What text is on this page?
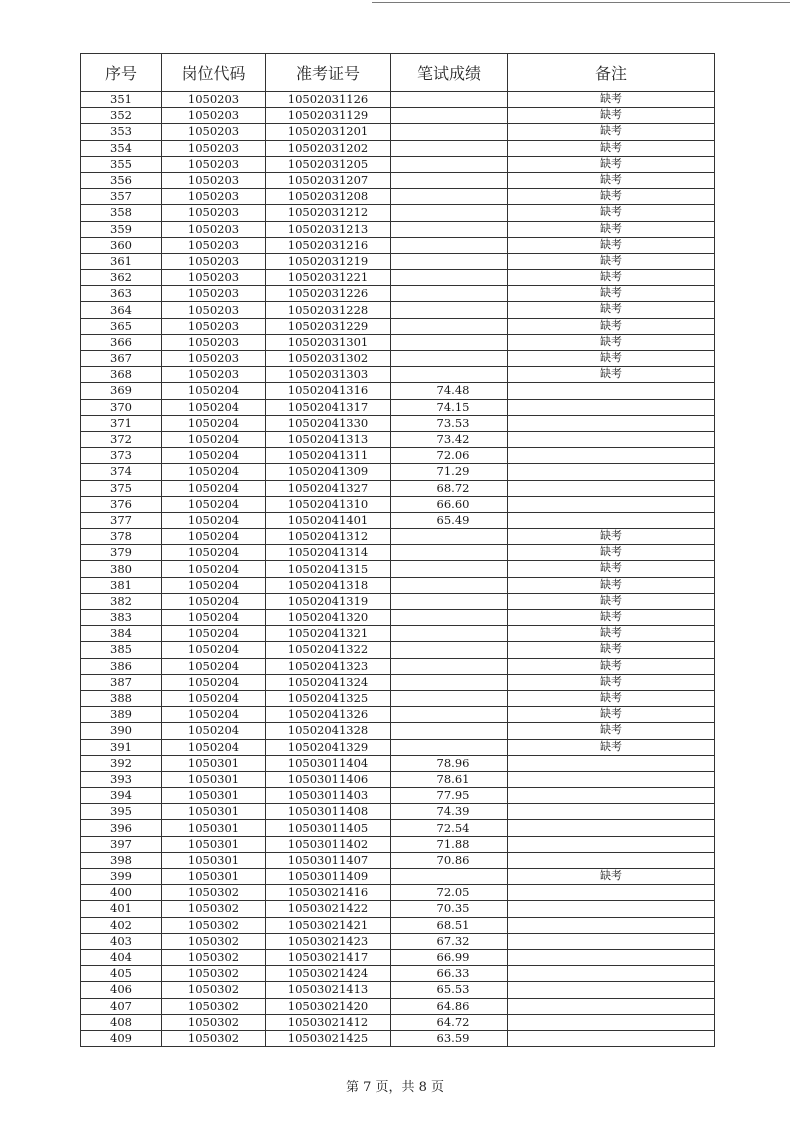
序号	岗位代码	准考证号	笔试成绩	备注
351	1050203	10502031126		缺考
352	1050203	10502031129		缺考
353	1050203	10502031201		缺考
354	1050203	10502031202		缺考
355	1050203	10502031205		缺考
356	1050203	10502031207		缺考
357	1050203	10502031208		缺考
358	1050203	10502031212		缺考
359	1050203	10502031213		缺考
360	1050203	10502031216		缺考
361	1050203	10502031219		缺考
362	1050203	10502031221		缺考
363	1050203	10502031226		缺考
364	1050203	10502031228		缺考
365	1050203	10502031229		缺考
366	1050203	10502031301		缺考
367	1050203	10502031302		缺考
368	1050203	10502031303		缺考
369	1050204	10502041316	74.48	
370	1050204	10502041317	74.15	
371	1050204	10502041330	73.53	
372	1050204	10502041313	73.42	
373	1050204	10502041311	72.06	
374	1050204	10502041309	71.29	
375	1050204	10502041327	68.72	
376	1050204	10502041310	66.60	
377	1050204	10502041401	65.49	
378	1050204	10502041312		缺考
379	1050204	10502041314		缺考
380	1050204	10502041315		缺考
381	1050204	10502041318		缺考
382	1050204	10502041319		缺考
383	1050204	10502041320		缺考
384	1050204	10502041321		缺考
385	1050204	10502041322		缺考
386	1050204	10502041323		缺考
387	1050204	10502041324		缺考
388	1050204	10502041325		缺考
389	1050204	10502041326		缺考
390	1050204	10502041328		缺考
391	1050204	10502041329		缺考
392	1050301	10503011404	78.96	
393	1050301	10503011406	78.61	
394	1050301	10503011403	77.95	
395	1050301	10503011408	74.39	
396	1050301	10503011405	72.54	
397	1050301	10503011402	71.88	
398	1050301	10503011407	70.86	
399	1050301	10503011409		缺考
400	1050302	10503021416	72.05	
401	1050302	10503021422	70.35	
402	1050302	10503021421	68.51	
403	1050302	10503021423	67.32	
404	1050302	10503021417	66.99	
405	1050302	10503021424	66.33	
406	1050302	10503021413	65.53	
407	1050302	10503021420	64.86	
408	1050302	10503021412	64.72	
409	1050302	10503021425	63.59	
第 7 页，共 8 页
